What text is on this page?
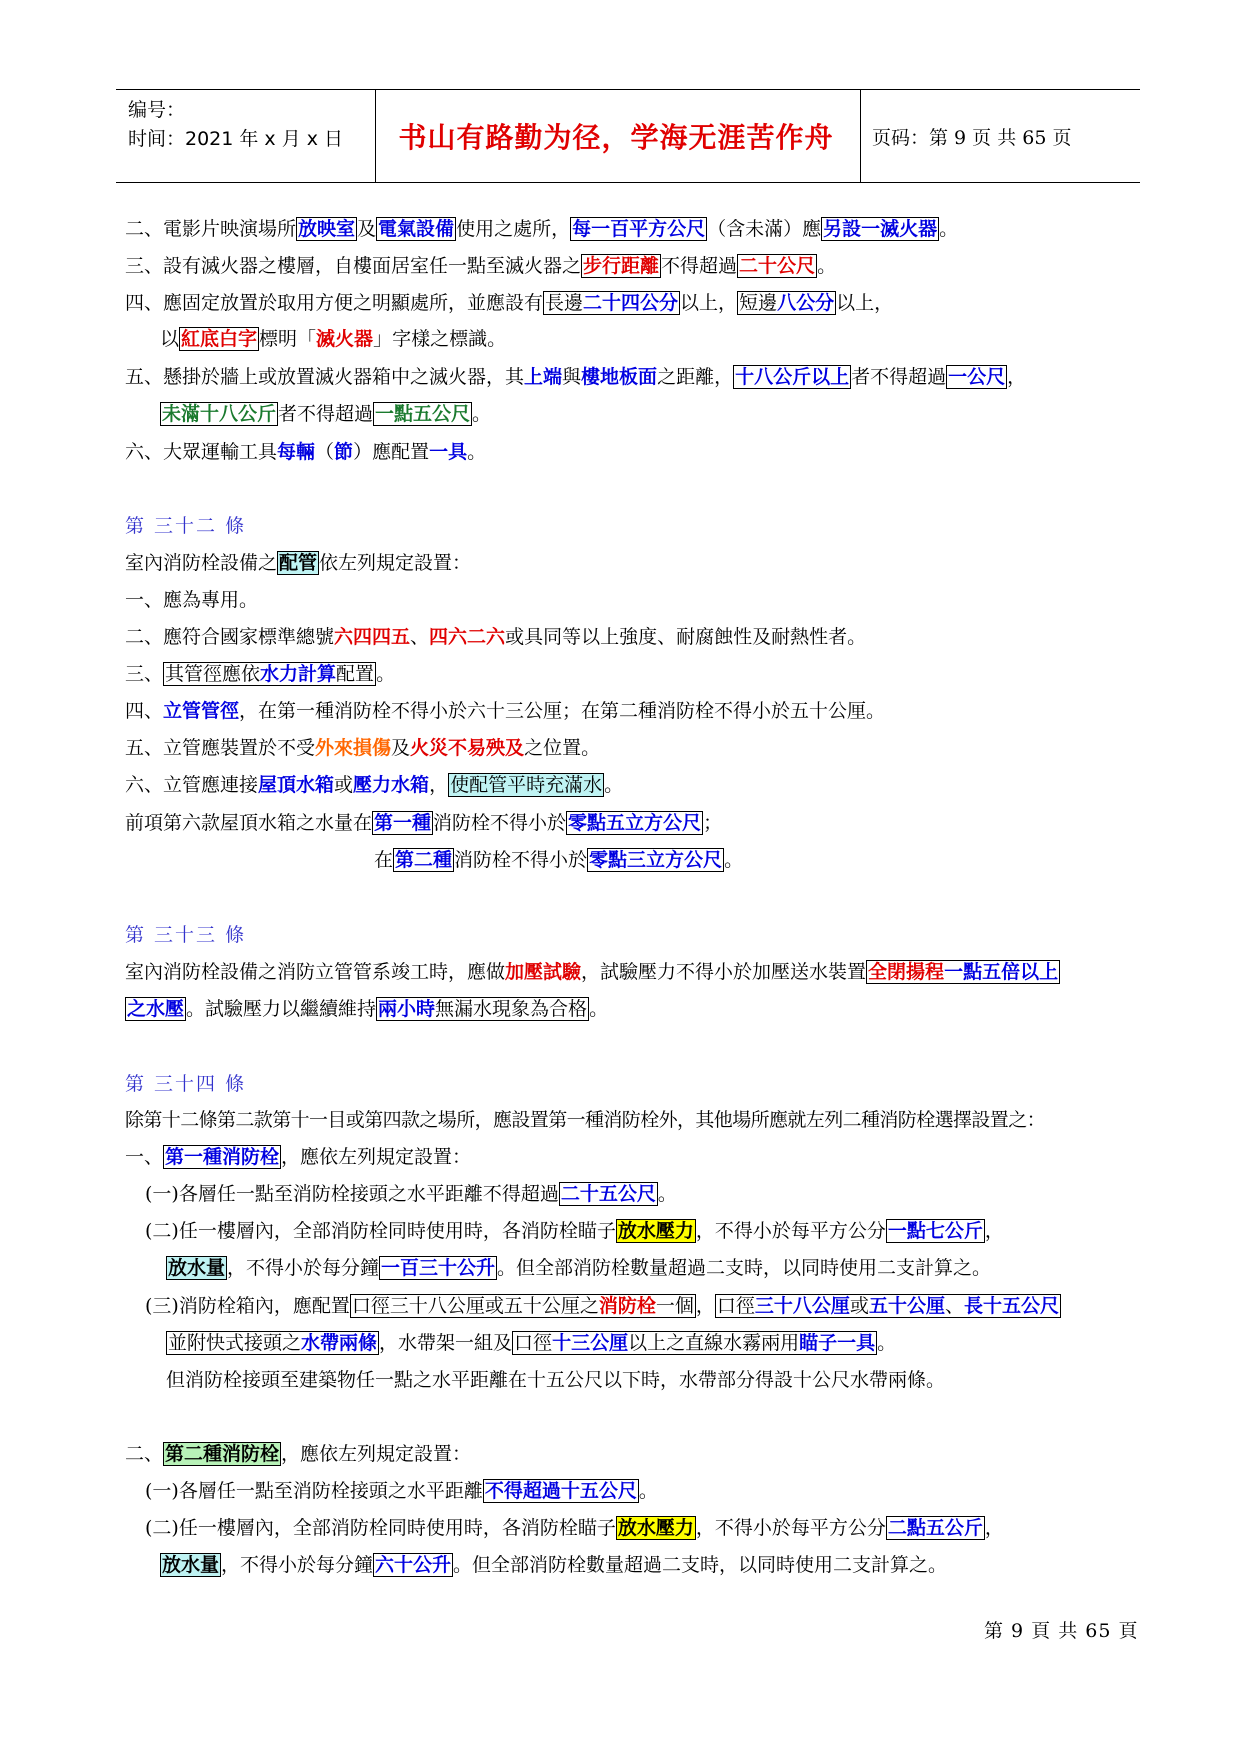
编号：
时间：2021 年 x 月 x 日	书山有路勤为径，学海无涯苦作舟	页码：第 9 页 共 65 页
二、電影片映演場所 放映室 及 電氣設備 使用之處所， 每一百平方公尺 （含未滿）應 另設一滅火器 。
三、設有滅火器之樓層，自樓面居室任一點至滅火器之 步行距離 不得超過 二十公尺 。
四、應固定放置於取用方便之明顯處所，並應設有 長邊二十四公分 以上， 短邊八公分 以上，
以 紅底白字 標明「滅火器」字樣之標識。
五、懸掛於牆上或放置滅火器箱中之滅火器，其上端與樓地板面之距離， 十八公斤以上 者不得超過 一公尺 ，
未滿十八公斤 者不得超過 一點五公尺 。
六、大眾運輸工具每輛（節）應配置一具。
第 三十二 條
室內消防栓設備之 配管 依左列規定設置：
一、應為專用。
二、應符合國家標準總號六四四五、四六二六或具同等以上強度、耐腐蝕性及耐熱性者。
三、 其管徑應依水力計算配置 。
四、立管管徑，在第一種消防栓不得小於六十三公厘；在第二種消防栓不得小於五十公厘。
五、立管應裝置於不受外來損傷及火災不易殃及之位置。
六、立管應連接屋頂水箱或壓力水箱， 使配管平時充滿水 。
前項第六款屋頂水箱之水量在 第一種 消防栓不得小於 零點五立方公尺 ；
在 第二種 消防栓不得小於 零點三立方公尺 。
第 三十三 條
室內消防栓設備之消防立管管系竣工時，應做加壓試驗，試驗壓力不得小於加壓送水裝置 全閉揚程一點五倍以上
之水壓 。試驗壓力以繼續維持 兩小時無漏水現象為合格 。
第 三十四 條
除第十二條第二款第十一目或第四款之場所，應設置第一種消防栓外，其他場所應就左列二種消防栓選擇設置之：
一、 第一種消防栓 ，應依左列規定設置：
(一)各層任一點至消防栓接頭之水平距離不得超過 二十五公尺 。
(二)任一樓層內，全部消防栓同時使用時，各消防栓瞄子 放水壓力 ，不得小於每平方公分 一點七公斤 ，
放水量 ，不得小於每分鐘 一百三十公升 。但全部消防栓數量超過二支時，以同時使用二支計算之。
(三)消防栓箱內，應配置 口徑三十八公厘或五十公厘之消防栓一個 ， 口徑三十八公厘或五十公厘、長十五公尺
並附快式接頭之水帶兩條 ，水帶架一組及 口徑十三公厘以上之直線水霧兩用瞄子一具 。
但消防栓接頭至建築物任一點之水平距離在十五公尺以下時，水帶部分得設十公尺水帶兩條。
二、 第二種消防栓 ，應依左列規定設置：
(一)各層任一點至消防栓接頭之水平距離 不得超過十五公尺 。
(二)任一樓層內，全部消防栓同時使用時，各消防栓瞄子 放水壓力 ，不得小於每平方公分 二點五公斤 ，
放水量 ，不得小於每分鐘 六十公升 。但全部消防栓數量超過二支時，以同時使用二支計算之。
第 9 頁 共 65 頁
